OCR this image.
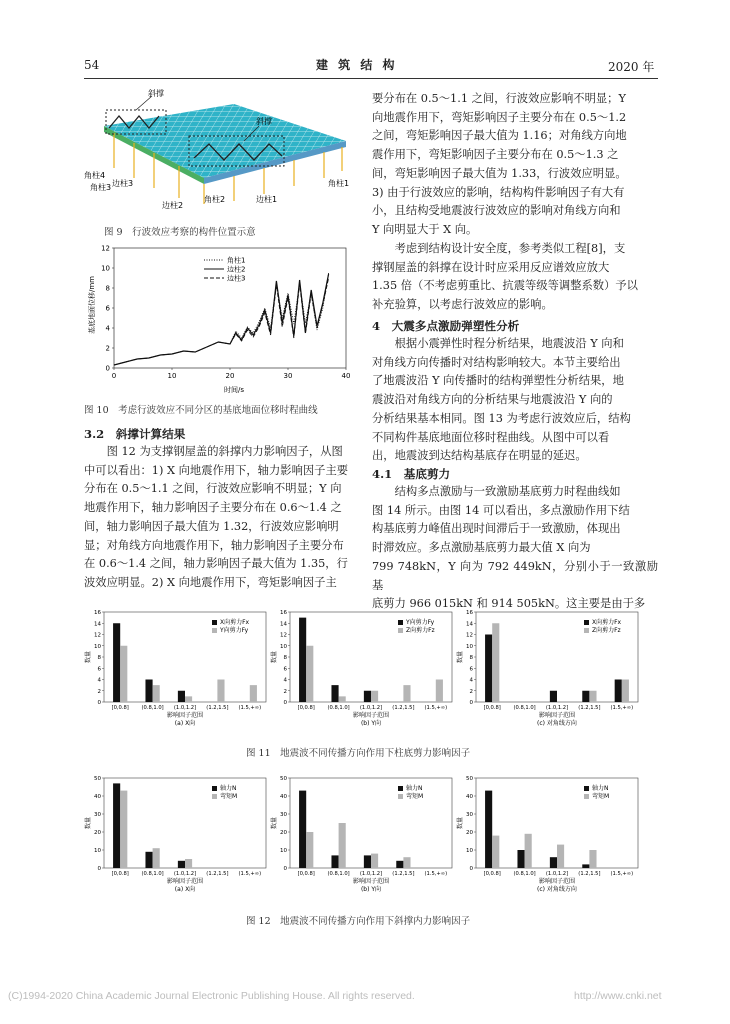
54	建 筑 结 构	2020 年
斜撑
斜撑
角柱4
边柱3
角柱3
边柱2
角柱2	边柱1
角柱1
图 9　行波效应考察的构件位置示意
时间/s
基底地面位移/mm
0	10	20	30	40
0
2
4
6
8
10
12
角柱1
边柱2
边柱3
图 10　考虑行波效应不同分区的基底地面位移时程曲线
3.2　斜撑计算结果

　　图 12 为支撑钢屋盖的斜撑内力影响因子，从图

中可以看出：1) X 向地震作用下，轴力影响因子主要

分布在 0.5～1.1 之间，行波效应影响不明显；Y 向

地震作用下，轴力影响因子主要分布在 0.6～1.4 之

间，轴力影响因子最大值为 1.32，行波效应影响明

显；对角线方向地震作用下，轴力影响因子主要分布

在 0.6～1.4 之间，轴力影响因子最大值为 1.35，行

波效应明显。2) X 向地震作用下，弯矩影响因子主

要分布在 0.5～1.1 之间，行波效应影响不明显；Y

向地震作用下，弯矩影响因子主要分布在 0.5～1.2

之间，弯矩影响因子最大值为 1.16；对角线方向地

震作用下，弯矩影响因子主要分布在 0.5～1.3 之

间，弯矩影响因子最大值为 1.33，行波效应明显。

3) 由于行波效应的影响，结构构件影响因子有大有

小，且结构受地震波行波效应的影响对角线方向和

Y 向明显大于 X 向。

　　考虑到结构设计安全度，参考类似工程[8]，支

撑钢屋盖的斜撑在设计时应采用反应谱效应放大

1.35 倍（不考虑剪重比、抗震等级等调整系数）予以

补充验算，以考虑行波效应的影响。

4　大震多点激励弹塑性分析

　　根据小震弹性时程分析结果，地震波沿 Y 向和

对角线方向传播时对结构影响较大。本节主要给出

了地震波沿 Y 向传播时的结构弹塑性分析结果，地

震波沿对角线方向的分析结果与地震波沿 Y 向的

分析结果基本相同。图 13 为考虑行波效应后，结构

不同构件基底地面位移时程曲线。从图中可以看

出，地震波到达结构基底存在明显的延迟。

4.1　基底剪力

　　结构多点激励与一致激励基底剪力时程曲线如

图 14 所示。由图 14 可以看出，多点激励作用下结

构基底剪力峰值出现时间滞后于一致激励，体现出

时滞效应。多点激励基底剪力最大值 X 向为

799 748kN，Y 向为 792 449kN，分别小于一致激励基

底剪力 966 015kN 和 914 505kN。这主要是由于多

0
2
4
6
8
10
12
14
16
[0,0.8] (0.8,1.0] (1.0,1.2] (1.2,1.5] (1.5,+∞)
X向剪力Fx
Y向剪力Fy
影响因子范围
(a) X向
数量
0
2
4
6
8
10
12
14
16
[0,0.8] (0.8,1.0] (1.0,1.2] (1.2,1.5] (1.5,+∞)
Y向剪力Fy
Z向剪力Fz
影响因子范围
(b) Y向
数量
0
2
4
6
8
10
12
14
16
[0,0.8] (0.8,1.0] (1.0,1.2] (1.2,1.5] (1.5,+∞)
X向剪力Fx
Z向剪力Fz
影响因子范围
(c) 对角线方向
数量
图 11　地震波不同传播方向作用下柱底剪力影响因子
0
10
20
30
40
50
[0,0.8] (0.8,1.0] (1.0,1.2] (1.2,1.5] (1.5,+∞)
轴力N
弯矩M
影响因子范围
(a) X向
数量
0
10
20
30
40
50
[0,0.8] (0.8,1.0] (1.0,1.2] (1.2,1.5] (1.5,+∞)
轴力N
弯矩M
影响因子范围
(b) Y向
数量
0
10
20
30
40
50
[0,0.8] (0.8,1.0] (1.0,1.2] (1.2,1.5] (1.5,+∞)
轴力N
弯矩M
影响因子范围
(c) 对角线方向
数量
图 12　地震波不同传播方向作用下斜撑内力影响因子
(C)1994-2020 China Academic Journal Electronic Publishing House. All rights reserved.	http://www.cnki.net
